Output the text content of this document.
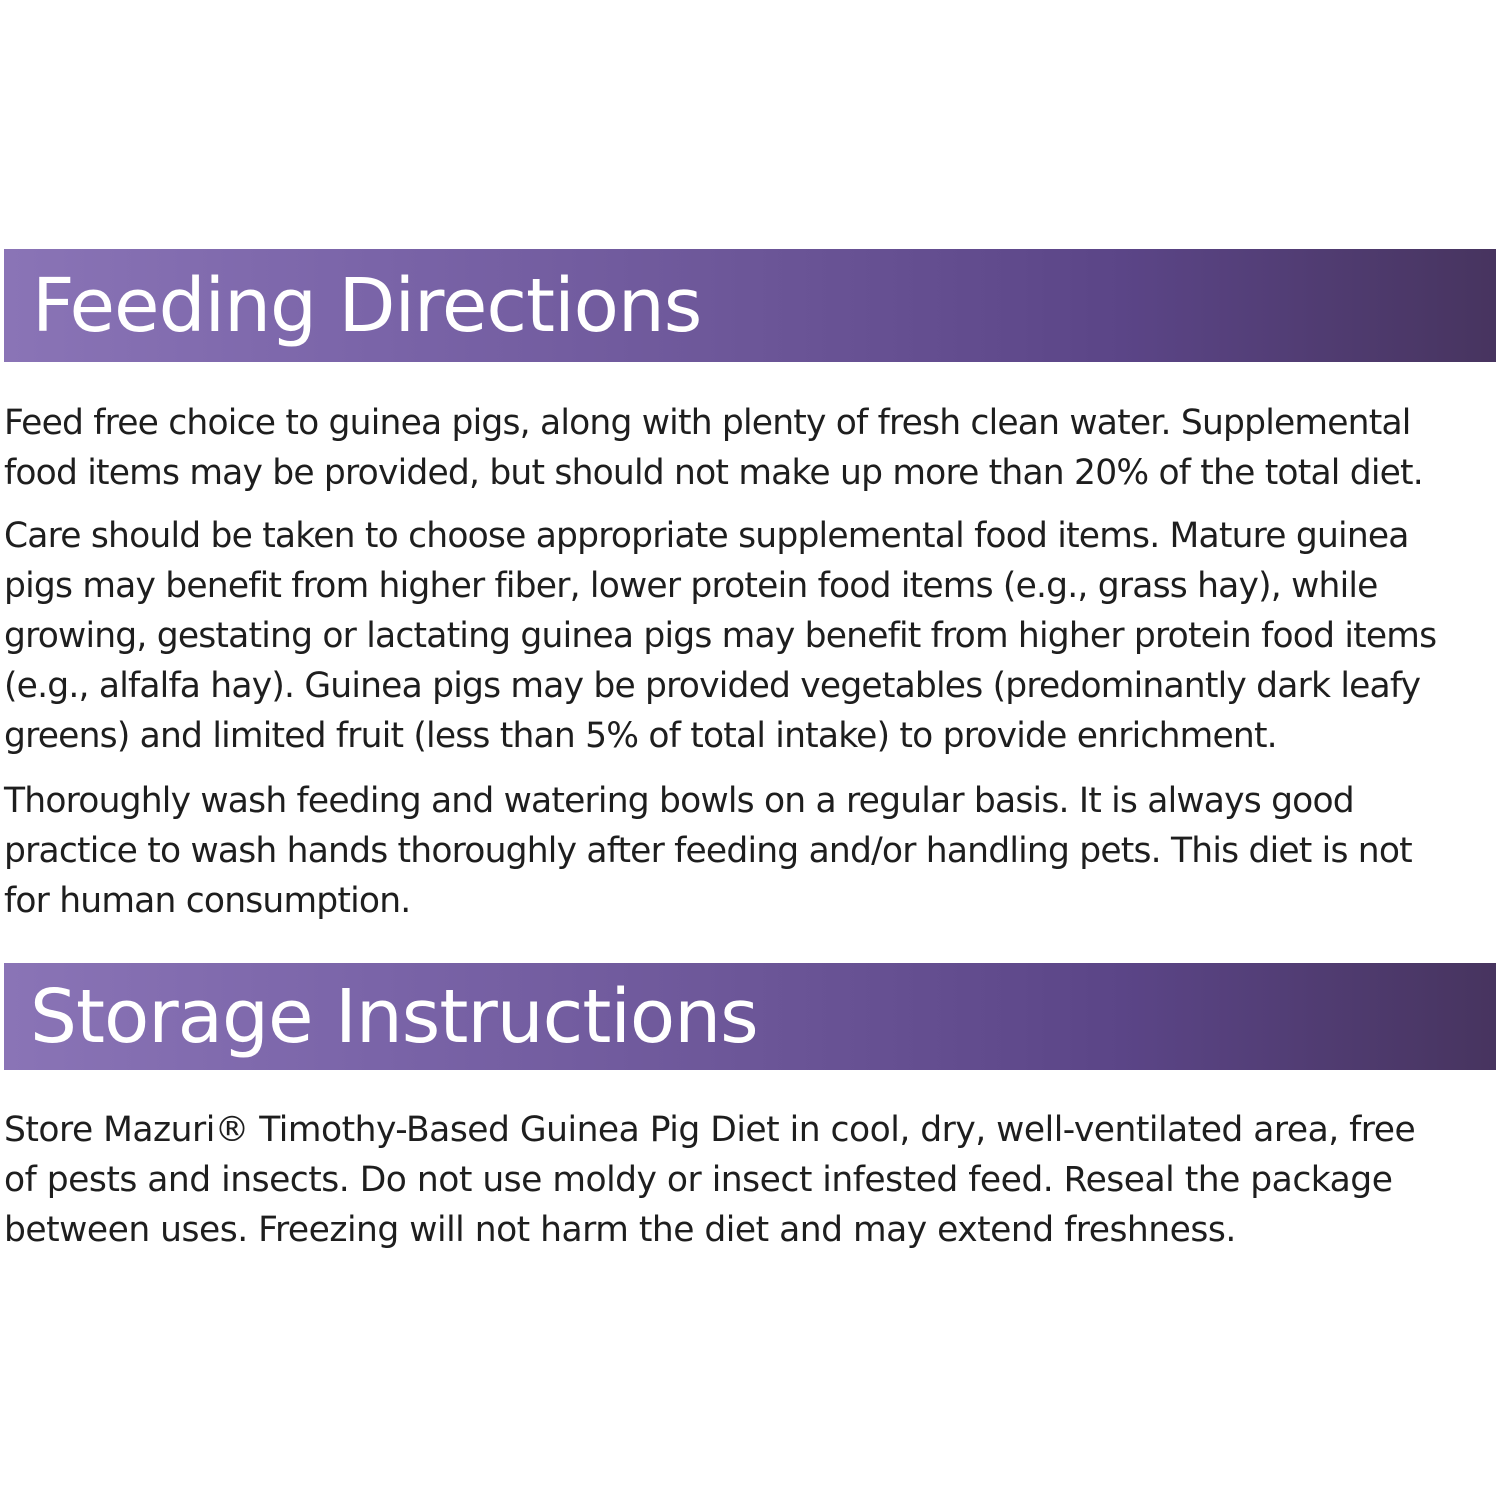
Feeding Directions

Feed free choice to guinea pigs, along with plenty of fresh clean water. Supplemental
food items may be provided, but should not make up more than 20% of the total diet.

Care should be taken to choose appropriate supplemental food items. Mature guinea
pigs may benefit from higher fiber, lower protein food items (e.g., grass hay), while
growing, gestating or lactating guinea pigs may benefit from higher protein food items
(e.g., alfalfa hay). Guinea pigs may be provided vegetables (predominantly dark leafy
greens) and limited fruit (less than 5% of total intake) to provide enrichment.

Thoroughly wash feeding and watering bowls on a regular basis. It is always good
practice to wash hands thoroughly after feeding and/or handling pets. This diet is not
for human consumption.

Storage Instructions

Store Mazuri® Timothy-Based Guinea Pig Diet in cool, dry, well-ventilated area, free
of pests and insects. Do not use moldy or insect infested feed. Reseal the package
between uses. Freezing will not harm the diet and may extend freshness.
